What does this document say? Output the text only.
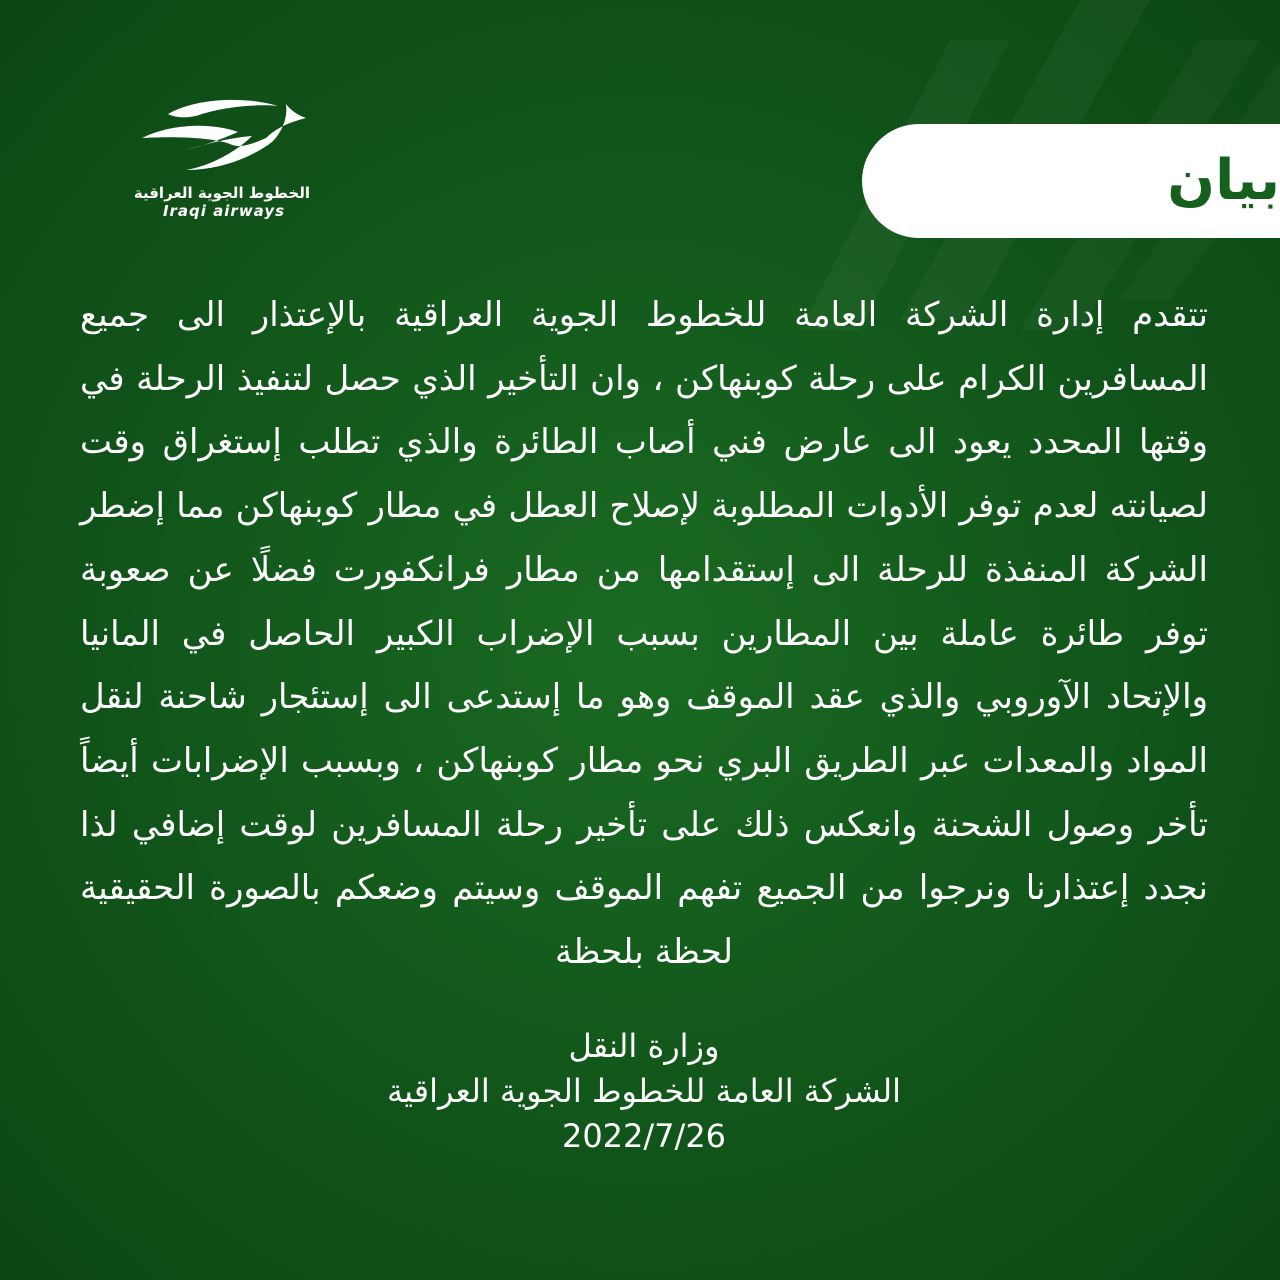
الخطوط الجوية العراقية
Iraqi airways	بيان

تتقدم إدارة الشركة العامة للخطوط الجوية العراقية بالإعتذار الى جميع المسافرين الكرام على رحلة كوبنهاكن ، وان التأخير الذي حصل لتنفيذ الرحلة في وقتها المحدد يعود الى عارض فني أصاب الطائرة والذي تطلب إستغراق وقت لصيانته لعدم توفر الأدوات المطلوبة لإصلاح العطل في مطار كوبنهاكن مما إضطر الشركة المنفذة للرحلة الى إستقدامها من مطار فرانكفورت فضلًا عن صعوبة توفر طائرة عاملة بين المطارين بسبب الإضراب الكبير الحاصل في المانيا والإتحاد الآوروبي والذي عقد الموقف وهو ما إستدعى الى إستئجار شاحنة لنقل المواد والمعدات عبر الطريق البري نحو مطار كوبنهاكن ، وبسبب الإضرابات أيضاً تأخر وصول الشحنة وانعكس ذلك على تأخير رحلة المسافرين لوقت إضافي لذا نجدد إعتذارنا ونرجوا من الجميع تفهم الموقف وسيتم وضعكم بالصورة الحقيقية لحظة بلحظة

وزارة النقل
الشركة العامة للخطوط الجوية العراقية
2022/7/26
